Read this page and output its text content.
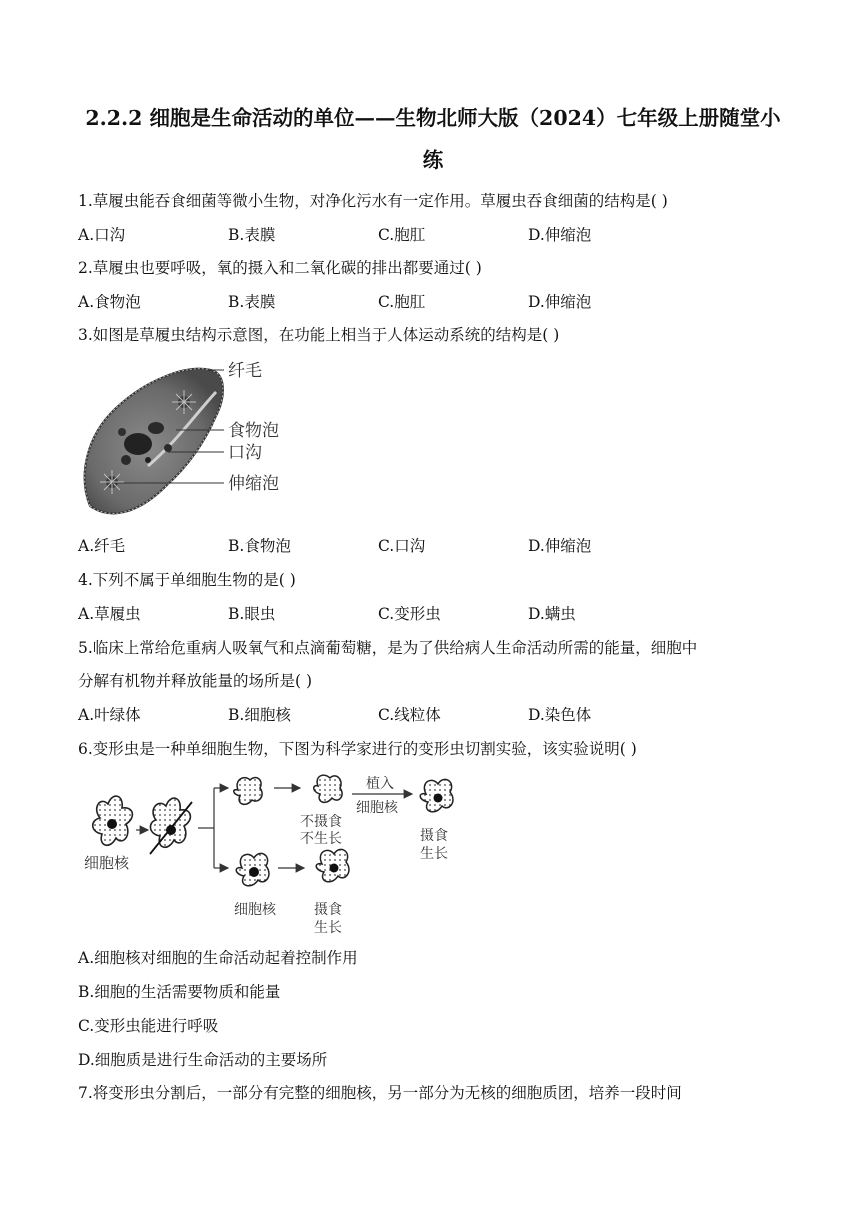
2.2.2 细胞是生命活动的单位——生物北师大版（2024）七年级上册随堂小
练
1.草履虫能吞食细菌等微小生物，对净化污水有一定作用。草履虫吞食细菌的结构是( )
A.口沟	B.表膜	C.胞肛	D.伸缩泡
2.草履虫也要呼吸，氧的摄入和二氧化碳的排出都要通过( )
A.食物泡	B.表膜	C.胞肛	D.伸缩泡
3.如图是草履虫结构示意图，在功能上相当于人体运动系统的结构是( )
纤毛
食物泡
口沟
伸缩泡
A.纤毛	B.食物泡	C.口沟	D.伸缩泡
4.下列不属于单细胞生物的是( )
A.草履虫	B.眼虫	C.变形虫	D.螨虫
5.临床上常给危重病人吸氧气和点滴葡萄糖，是为了供给病人生命活动所需的能量，细胞中
分解有机物并释放能量的场所是( )
A.叶绿体	B.细胞核	C.线粒体	D.染色体
6.变形虫是一种单细胞生物，下图为科学家进行的变形虫切割实验，该实验说明( )
细胞核
不摄食
不生长
植入
细胞核
摄食
生长
细胞核	摄食
生长
A.细胞核对细胞的生命活动起着控制作用
B.细胞的生活需要物质和能量
C.变形虫能进行呼吸
D.细胞质是进行生命活动的主要场所
7.将变形虫分割后，一部分有完整的细胞核，另一部分为无核的细胞质团，培养一段时间
